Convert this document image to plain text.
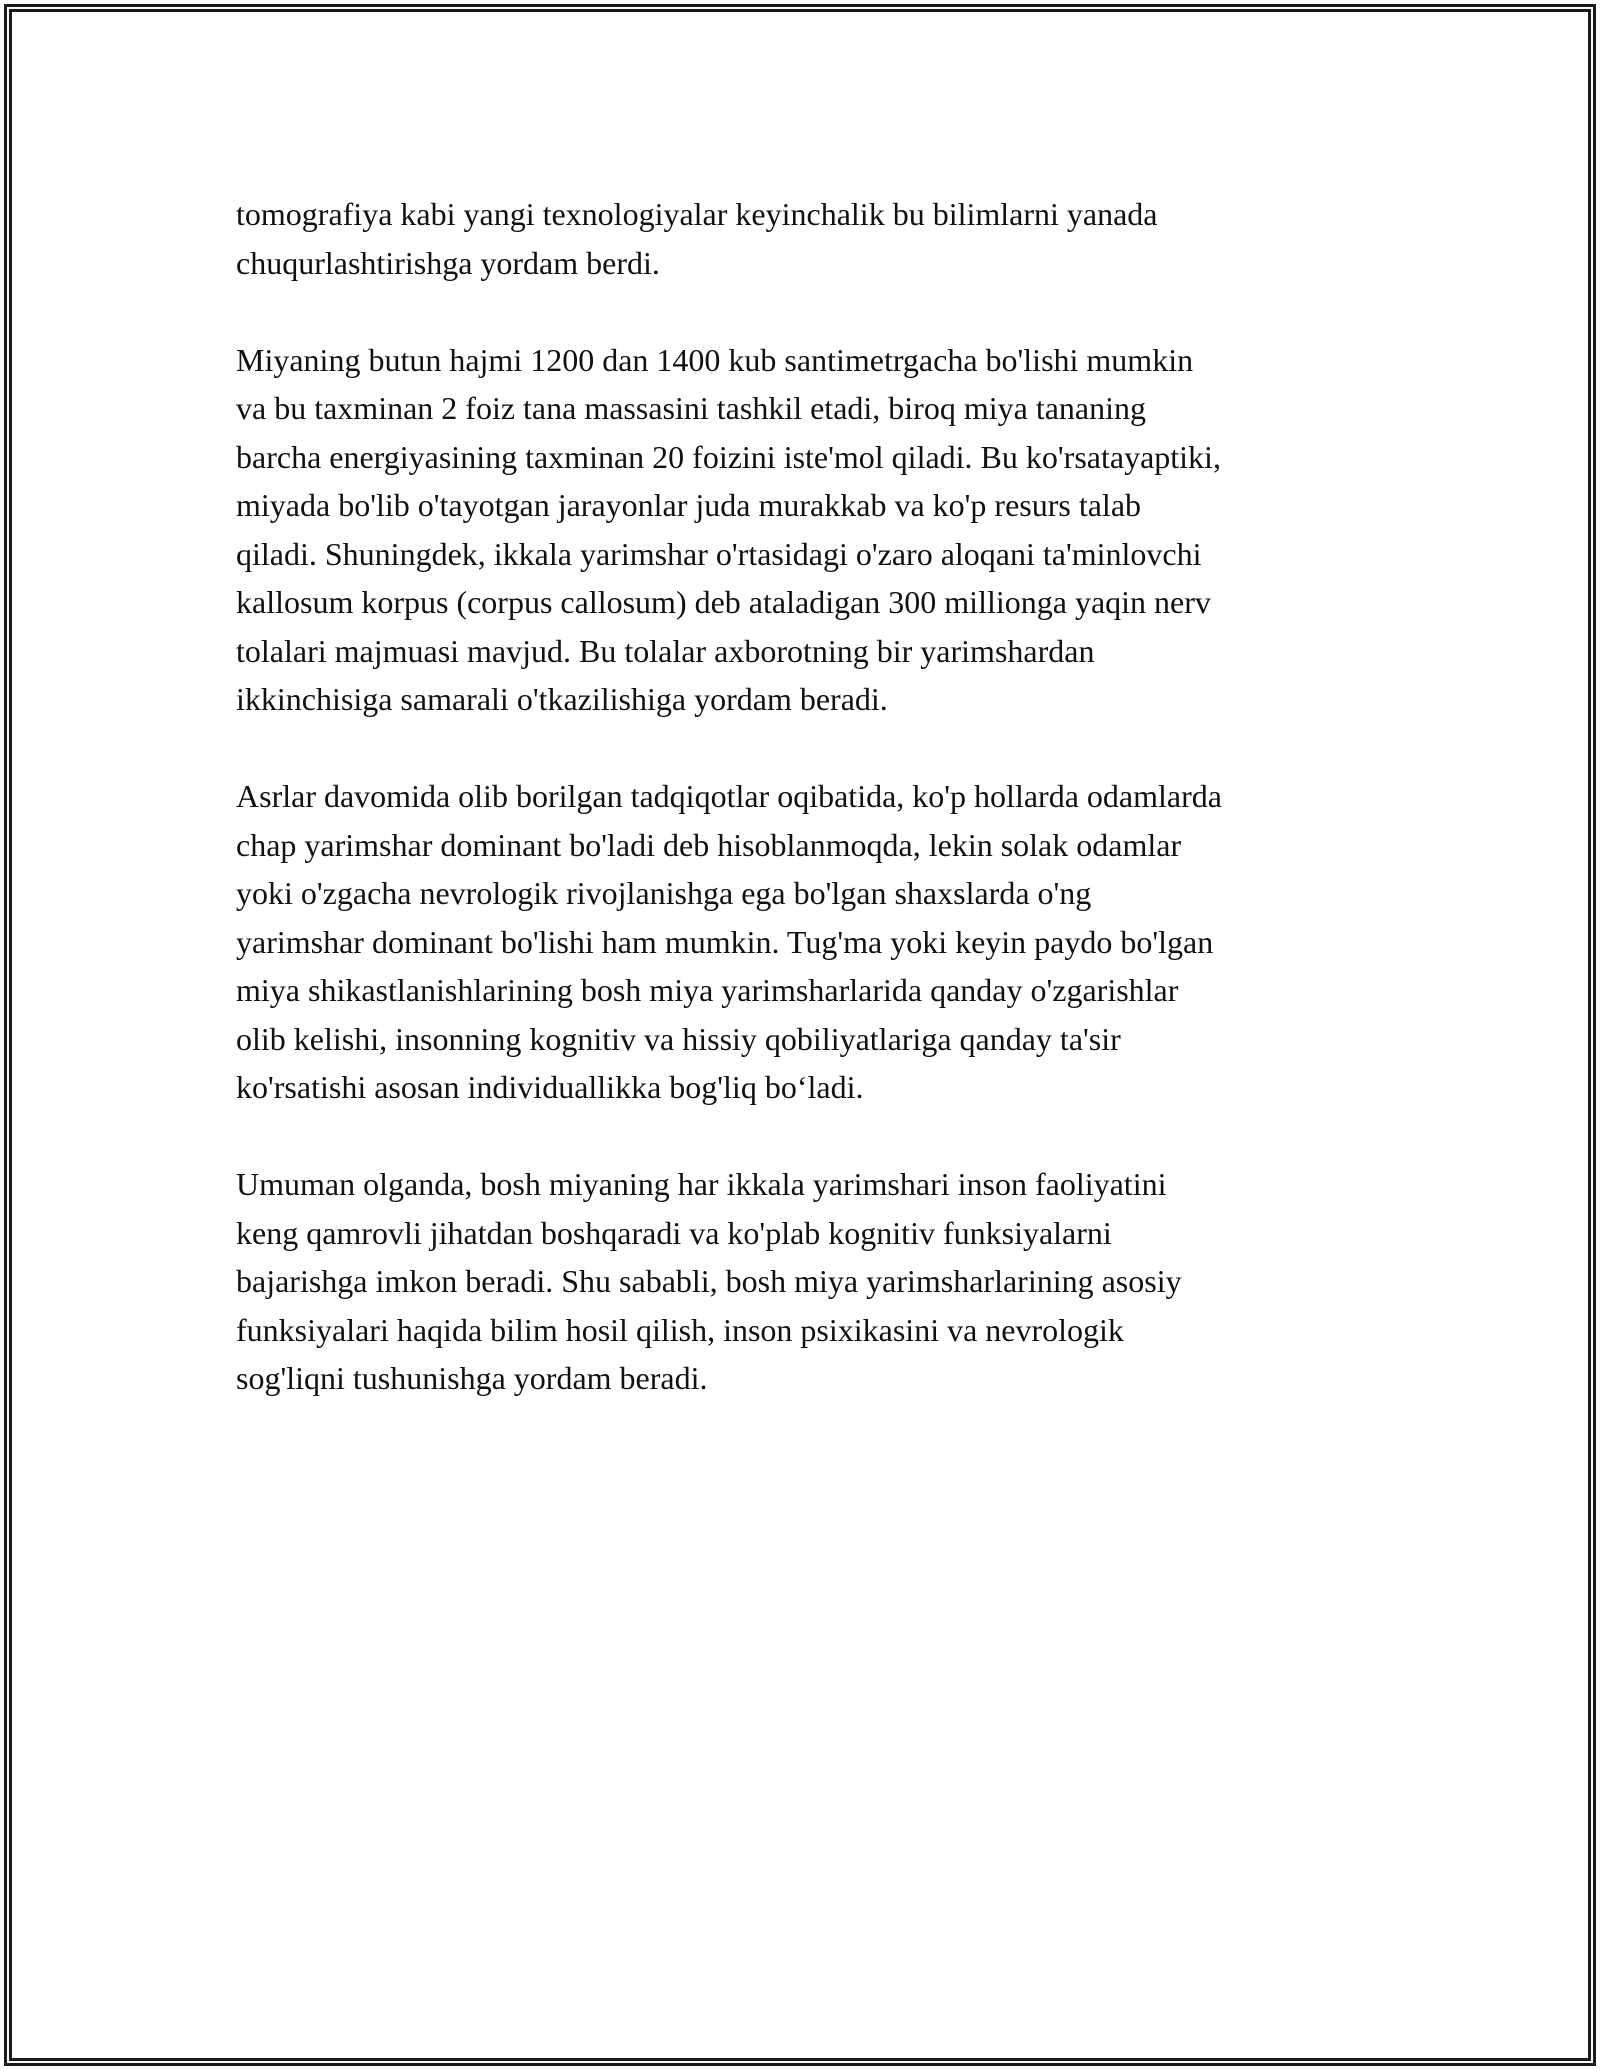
tomografiya kabi yangi texnologiyalar keyinchalik bu bilimlarni yanada
chuqurlashtirishga yordam berdi.

Miyaning butun hajmi 1200 dan 1400 kub santimetrgacha bo'lishi mumkin
va bu taxminan 2 foiz tana massasini tashkil etadi, biroq miya tananing
barcha energiyasining taxminan 20 foizini iste'mol qiladi. Bu ko'rsatayaptiki,
miyada bo'lib o'tayotgan jarayonlar juda murakkab va ko'p resurs talab
qiladi. Shuningdek, ikkala yarimshar o'rtasidagi o'zaro aloqani ta'minlovchi
kallosum korpus (corpus callosum) deb ataladigan 300 millionga yaqin nerv
tolalari majmuasi mavjud. Bu tolalar axborotning bir yarimshardan
ikkinchisiga samarali o'tkazilishiga yordam beradi.

Asrlar davomida olib borilgan tadqiqotlar oqibatida, ko'p hollarda odamlarda
chap yarimshar dominant bo'ladi deb hisoblanmoqda, lekin solak odamlar
yoki o'zgacha nevrologik rivojlanishga ega bo'lgan shaxslarda o'ng
yarimshar dominant bo'lishi ham mumkin. Tug'ma yoki keyin paydo bo'lgan
miya shikastlanishlarining bosh miya yarimsharlarida qanday o'zgarishlar
olib kelishi, insonning kognitiv va hissiy qobiliyatlariga qanday ta'sir
ko'rsatishi asosan individuallikka bog'liq bo‘ladi.

Umuman olganda, bosh miyaning har ikkala yarimshari inson faoliyatini
keng qamrovli jihatdan boshqaradi va ko'plab kognitiv funksiyalarni
bajarishga imkon beradi. Shu sababli, bosh miya yarimsharlarining asosiy
funksiyalari haqida bilim hosil qilish, inson psixikasini va nevrologik
sog'liqni tushunishga yordam beradi.
